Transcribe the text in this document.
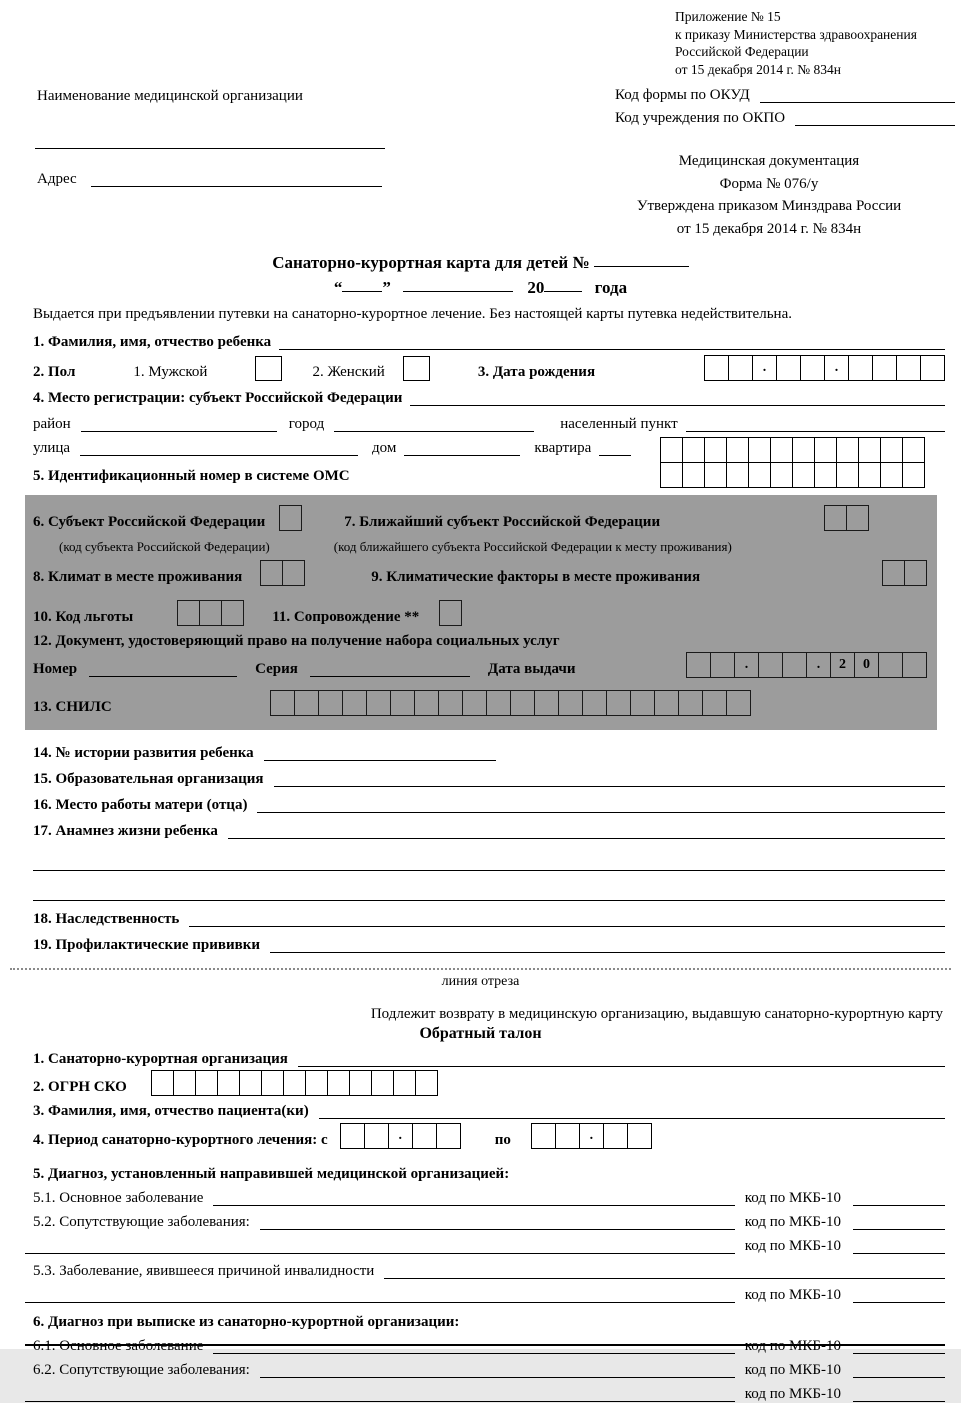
Приложение № 15
к приказу Министерства здравоохранения
Российской Федерации
от 15 декабря 2014 г. № 834н
Наименование медицинской организации	Код формы по ОКУД
Код учреждения по ОКПО
Адрес
Медицинская документация
Форма № 076/у
Утверждена приказом Минздрава России
от 15 декабря 2014 г. № 834н
Санаторно-курортная карта для детей №
“ ”	20	года
Выдается при предъявлении путевки на санаторно-курортное лечение. Без настоящей карты путевка недействительна.
1. Фамилия, имя, отчество ребенка
2. Пол	1. Мужской	2. Женский	3. Дата рождения	.	.
4. Место регистрации: субъект Российской Федерации
район	город	населенный пункт
улица	дом	квартира
5. Идентификационный номер в системе ОМС
6. Субъект Российской Федерации	7. Ближайший субъект Российской Федерации
(код субъекта Российской Федерации)	(код ближайшего субъекта Российской Федерации к месту проживания)
8. Климат в месте проживания	9. Климатические факторы в месте проживания
10. Код льготы	11. Сопровождение **
12. Документ, удостоверяющий право на получение набора социальных услуг
Номер	Серия	Дата выдачи	.	.	2	0
13. СНИЛС
14. № истории развития ребенка
15. Образовательная организация
16. Место работы матери (отца)
17. Анамнез жизни ребенка
18. Наследственность
19. Профилактические прививки
линия отреза
Подлежит возврату в медицинскую организацию, выдавшую санаторно-курортную карту
Обратный талон
1. Санаторно-курортная организация
2. ОГРН СКО
3. Фамилия, имя, отчество пациента(ки)
4. Период санаторно-курортного лечения: с	.	по	.
5. Диагноз, установленный направившей медицинской организацией:
5.1. Основное заболевание	код по МКБ-10
5.2. Сопутствующие заболевания:	код по МКБ-10
код по МКБ-10
5.3. Заболевание, явившееся причиной инвалидности
код по МКБ-10
6. Диагноз при выписке из санаторно-курортной организации:
6.1. Основное заболевание	код по МКБ-10
6.2. Сопутствующие заболевания:	код по МКБ-10
код по МКБ-10
